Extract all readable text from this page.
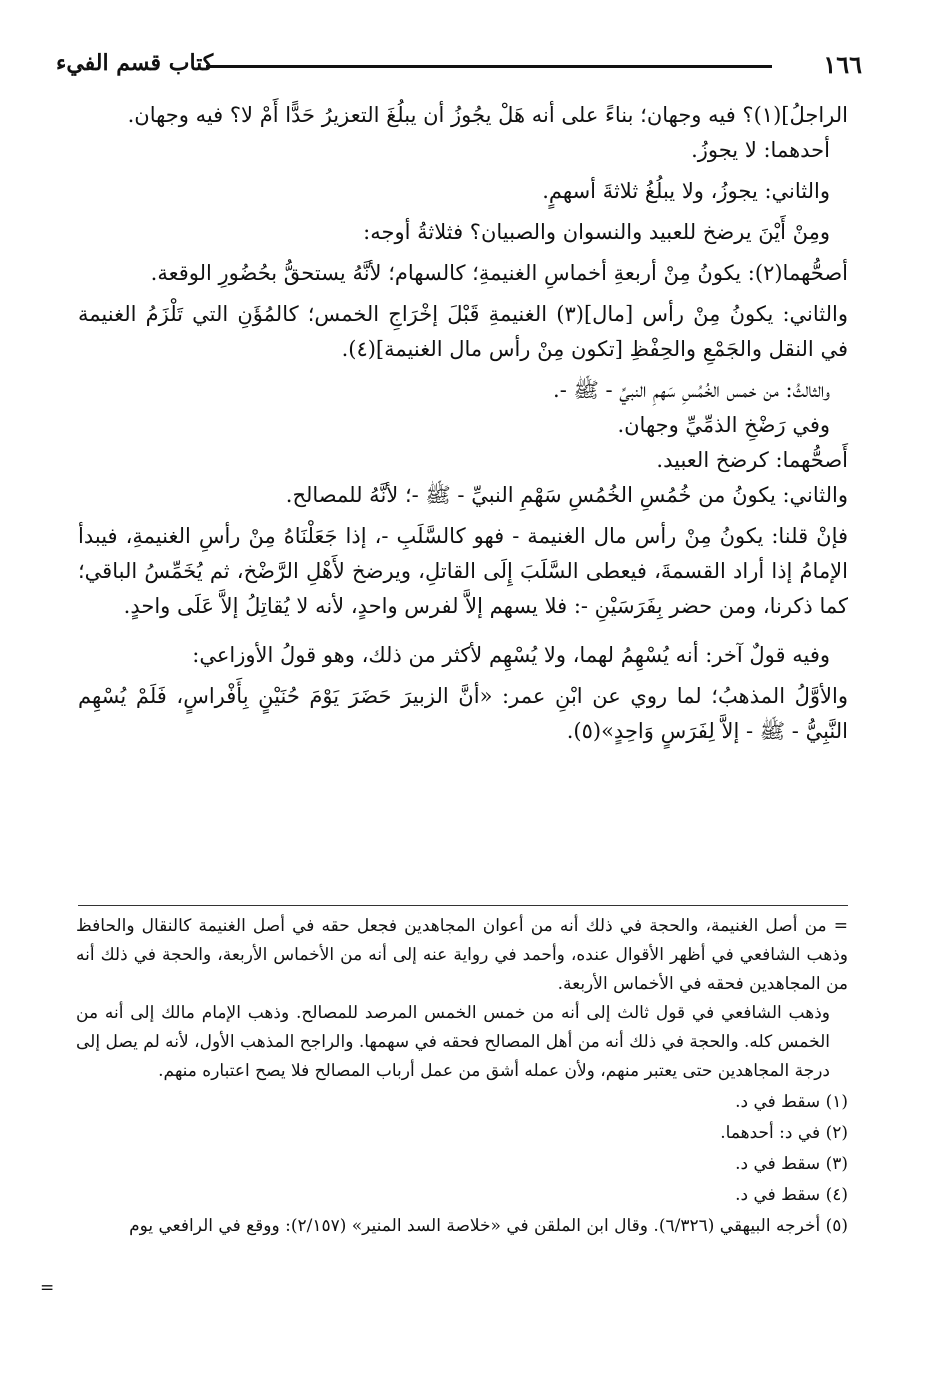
١٦٦
كتاب قسم الفيء

الراجلُ](١)؟ فيه وجهان؛ بناءً على أنه هَلْ يجُوزُ أن يبلُغَ التعزيرُ حَدًّا أَمْ لا؟ فيه وجهان.

أحدهما: لا يجوزُ.

والثاني: يجوزُ، ولا يبلُغُ ثلاثةَ أسهمٍ.

ومِنْ أَيْنَ يرضخ للعبيد والنسوان والصبيان؟ فثلاثةُ أوجه:

أصحُّهما(٢): يكونُ مِنْ أربعةِ أخماسِ الغنيمةِ؛ كالسهام؛ لأنَّهُ يستحقُّ بحُضُورِ الوقعة.

والثاني: يكونُ مِنْ رأس [مال](٣) الغنيمةِ قَبْلَ إخْرَاجِ الخمس؛ كالمُؤَنِ التي تَلْزَمُ الغنيمة في النقل والجَمْعِ والحِفْظِ [تكون مِنْ رأس مال الغنيمة](٤).

والثالثُ: من خمس الخُمُسِ سَهمِ النبيِّ - ﷺ -.

وفي رَضْخِ الذمِّيِّ وجهان.

أَصحُّهما: كرضخ العبيد.

والثاني: يكونُ من خُمُسِ الخُمُسِ سَهْمِ النبيِّ - ﷺ -؛ لأنَّهُ للمصالح.

فإنْ قلنا: يكونُ مِنْ رأس مال الغنيمة - فهو كالسَّلَبِ -، إذا جَعَلْنَاهُ مِنْ رأسِ الغنيمةِ، فيبدأ الإمامُ إذا أراد القسمةَ، فيعطى السَّلَبَ إِلَى القاتلِ، ويرضخ لأَهْلِ الرَّضْخ، ثم يُخَمِّسُ الباقي؛ كما ذكرنا، ومن حضر بِفَرَسَيْنِ -: فلا يسهم إلاَّ لفرس واحدٍ، لأنه لا يُقاتِلُ إلاَّ عَلَى واحدٍ.

وفيه قولٌ آخر: أنه يُسْهِمُ لهما، ولا يُسْهِم لأكثر من ذلك، وهو قولُ الأوزاعي:

والأوَّلُ المذهبُ؛ لما روي عن ابْنِ عمر: «أنَّ الزبيرَ حَضَرَ يَوْمَ حُنَيْنٍ بِأَفْراسٍ، فَلَمْ يُسْهِم النَّبِيُّ - ﷺ - إلاَّ لِفَرَسٍ وَاحِدٍ»(٥).

= من أصل الغنيمة، والحجة في ذلك أنه من أعوان المجاهدين فجعل حقه في أصل الغنيمة كالنقال والحافظ وذهب الشافعي في أظهر الأقوال عنده، وأحمد في رواية عنه إلى أنه من الأخماس الأربعة، والحجة في ذلك أنه من المجاهدين فحقه في الأخماس الأربعة.

وذهب الشافعي في قول ثالث إلى أنه من خمس الخمس المرصد للمصالح. وذهب الإمام مالك إلى أنه من الخمس كله. والحجة في ذلك أنه من أهل المصالح فحقه في سهمها. والراجح المذهب الأول، لأنه لم يصل إلى درجة المجاهدين حتى يعتبر منهم، ولأن عمله أشق من عمل أرباب المصالح فلا يصح اعتباره منهم.

(١) سقط في د.

(٢) في د: أحدهما.

(٣) سقط في د.

(٤) سقط في د.

(٥) أخرجه البيهقي (٦/٣٢٦). وقال ابن الملقن في «خلاصة السد المنير» (٢/١٥٧): ووقع في الرافعي يوم

=
